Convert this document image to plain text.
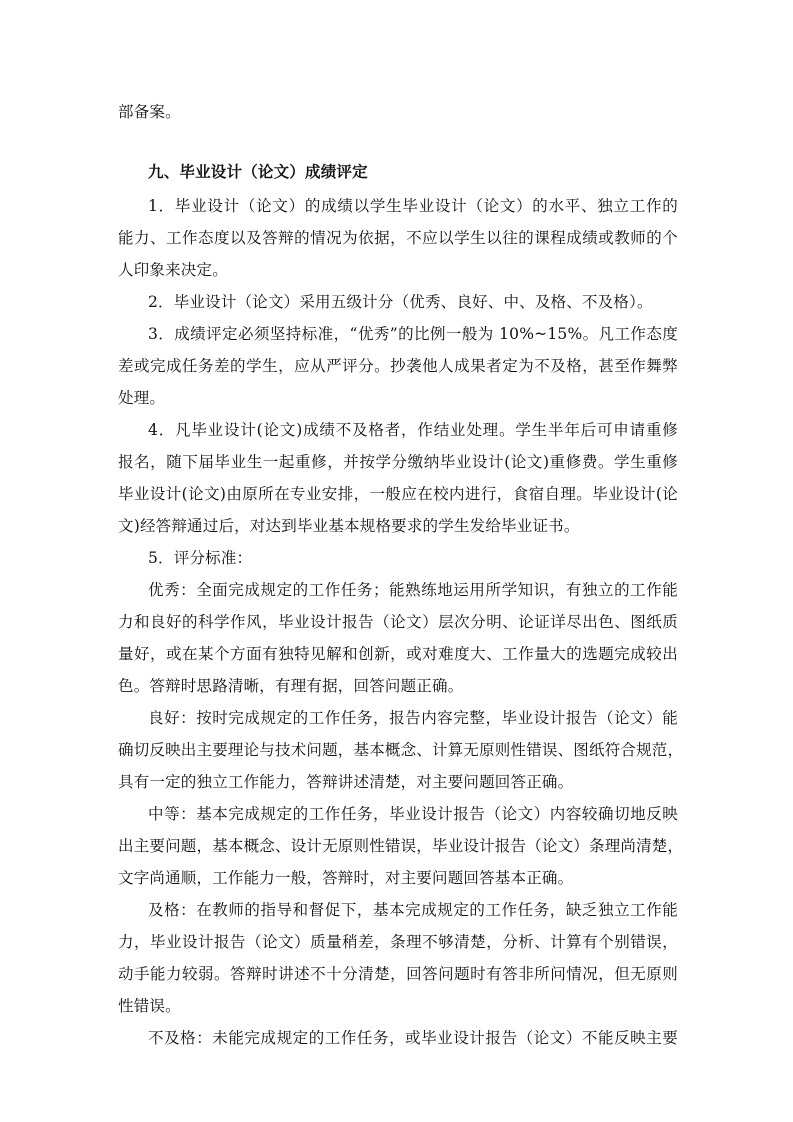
部备案。
九、毕业设计（论文）成绩评定
1．毕业设计（论文）的成绩以学生毕业设计（论文）的水平、独立工作的
能力、工作态度以及答辩的情况为依据，不应以学生以往的课程成绩或教师的个
人印象来决定。
2．毕业设计（论文）采用五级计分（优秀、良好、中、及格、不及格）。
3．成绩评定必须坚持标准，“优秀”的比例一般为 10%~15%。凡工作态度
差或完成任务差的学生，应从严评分。抄袭他人成果者定为不及格，甚至作舞弊
处理。
4．凡毕业设计(论文)成绩不及格者，作结业处理。学生半年后可申请重修
报名，随下届毕业生一起重修，并按学分缴纳毕业设计(论文)重修费。学生重修
毕业设计(论文)由原所在专业安排，一般应在校内进行，食宿自理。毕业设计(论
文)经答辩通过后，对达到毕业基本规格要求的学生发给毕业证书。
5．评分标准：
优秀：全面完成规定的工作任务；能熟练地运用所学知识，有独立的工作能
力和良好的科学作风，毕业设计报告（论文）层次分明、论证详尽出色、图纸质
量好，或在某个方面有独特见解和创新，或对难度大、工作量大的选题完成较出
色。答辩时思路清晰，有理有据，回答问题正确。
良好：按时完成规定的工作任务，报告内容完整，毕业设计报告（论文）能
确切反映出主要理论与技术问题，基本概念、计算无原则性错误、图纸符合规范，
具有一定的独立工作能力，答辩讲述清楚，对主要问题回答正确。
中等：基本完成规定的工作任务，毕业设计报告（论文）内容较确切地反映
出主要问题，基本概念、设计无原则性错误，毕业设计报告（论文）条理尚清楚，
文字尚通顺，工作能力一般，答辩时，对主要问题回答基本正确。
及格：在教师的指导和督促下，基本完成规定的工作任务，缺乏独立工作能
力，毕业设计报告（论文）质量稍差，条理不够清楚，分析、计算有个别错误，
动手能力较弱。答辩时讲述不十分清楚，回答问题时有答非所问情况，但无原则
性错误。
不及格：未能完成规定的工作任务，或毕业设计报告（论文）不能反映主要
